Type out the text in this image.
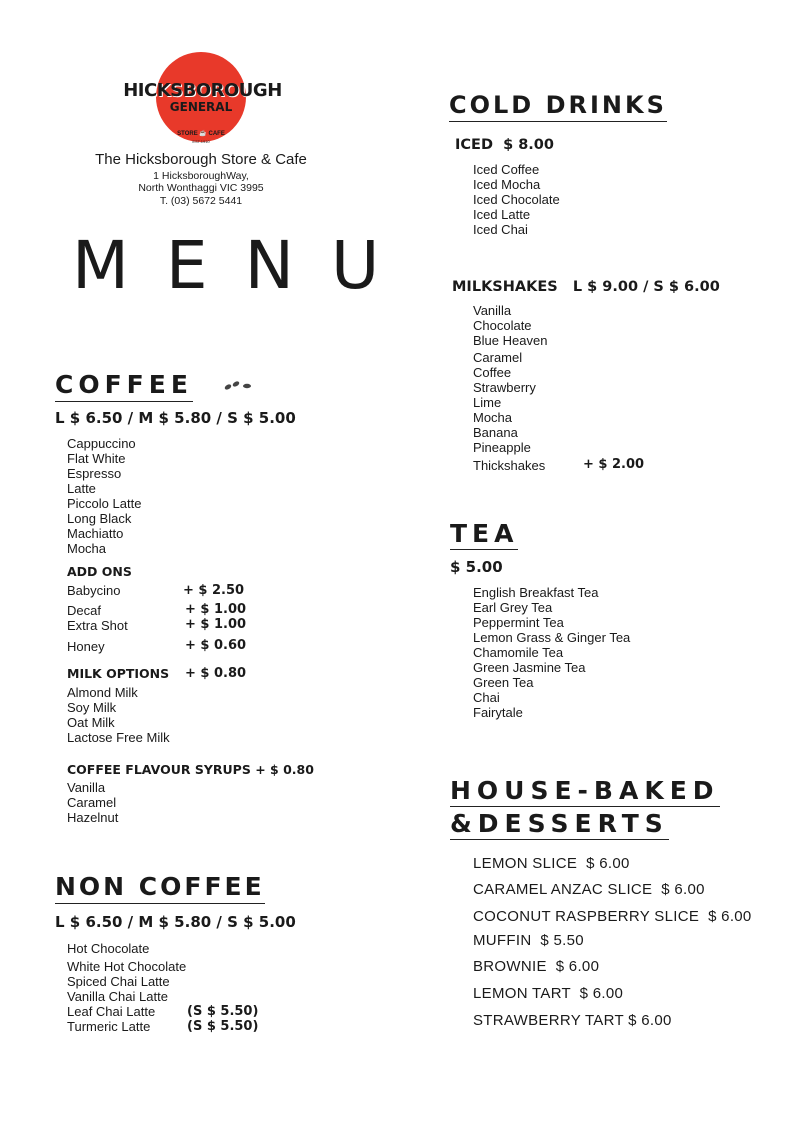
HICKSBOROUGH
GENERAL
STORE ☕ CAFE
EST.1910
The Hicksborough Store & Cafe
1 HicksboroughWay,
North Wonthaggi VIC 3995
T. (03) 5672 5441
M E N U
COFFEE
L $ 6.50 / M $ 5.80 / S $ 5.00
Cappuccino
Flat White
Espresso
Latte
Piccolo Latte
Long Black
Machiatto
Mocha
ADD ONS
Babycino	+ $ 2.50
Decaf	+ $ 1.00
Extra Shot	+ $ 1.00
Honey	+ $ 0.60
MILK OPTIONS + $ 0.80
Almond Milk
Soy Milk
Oat Milk
Lactose Free Milk
COFFEE FLAVOUR SYRUPS + $ 0.80
Vanilla
Caramel
Hazelnut
NON COFFEE
L $ 6.50 / M $ 5.80 / S $ 5.00
Hot Chocolate
White Hot Chocolate
Spiced Chai Latte
Vanilla Chai Latte
Leaf Chai Latte (S $ 5.50)
Turmeric Latte	(S $ 5.50)
COLD DRINKS
ICED  $ 8.00
Iced Coffee
Iced Mocha
Iced Chocolate
Iced Latte
Iced Chai
MILKSHAKES   L $ 9.00 / S $ 6.00
Vanilla
Chocolate
Blue Heaven
Caramel
Coffee
Strawberry
Lime
Mocha
Banana
Pineapple
Thickshakes	+ $ 2.00
TEA
$ 5.00
English Breakfast Tea
Earl Grey Tea
Peppermint Tea
Lemon Grass & Ginger Tea
Chamomile Tea
Green Jasmine Tea
Green Tea
Chai
Fairytale
HOUSE-BAKED
&DESSERTS
LEMON SLICE  $ 6.00
CARAMEL ANZAC SLICE  $ 6.00
COCONUT RASPBERRY SLICE  $ 6.00
MUFFIN  $ 5.50
BROWNIE  $ 6.00
LEMON TART  $ 6.00
STRAWBERRY TART $ 6.00
